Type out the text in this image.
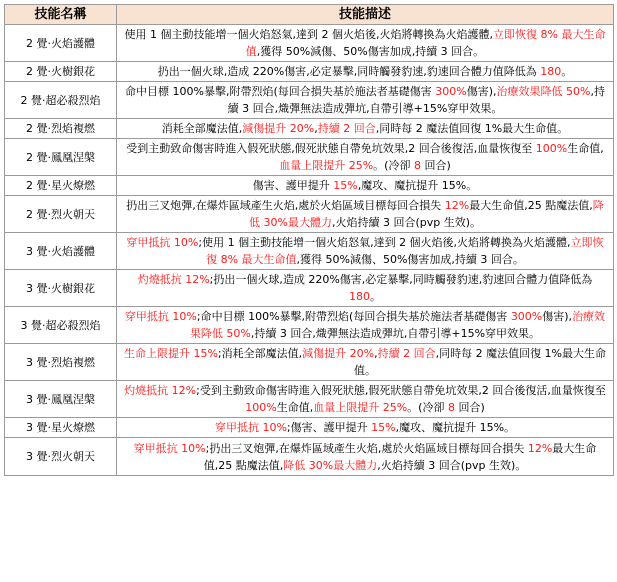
技能名稱	技能描述
2 覺‧火焰護體	使用 1 個主動技能增一個火焰怒氣,達到 2 個火焰後,火焰將轉換為火焰護體,立即恢復 8% 最大生命值,獲得 50%減傷、50%傷害加成,持續 3 回合。
2 覺‧火樹銀花	扔出一個火球,造成 220%傷害,必定暴擊,同時觸發豹速,豹速回合體力值降低為 180。
2 覺‧超必殺烈焰	命中目標 100%暴擊,附帶烈焰(每回合損失基於施法者基礎傷害 300%傷害),治療效果降低 50%,持續 3 回合,熾彈無法造成彈坑,自帶引導+15%穿甲效果。
2 覺‧烈焰複燃	消耗全部魔法值,減傷提升 20%,持續 2 回合,同時每 2 魔法值回復 1%最大生命值。
2 覺‧鳳凰涅槃	受到主動致命傷害時進入假死狀態,假死狀態自帶免坑效果,2 回合後復活,血量恢復至 100%生命值,血量上限提升 25%。(冷卻 8 回合)
2 覺‧星火燎燃	傷害、護甲提升 15%,魔攻、魔抗提升 15%。
2 覺‧烈火朝天	扔出三叉炮彈,在爆炸區域產生火焰,處於火焰區域目標每回合損失 12%最大生命值,25 點魔法值,降低 30%最大體力,火焰持續 3 回合(pvp 生效)。
3 覺‧火焰護體	穿甲抵抗 10%;使用 1 個主動技能增一個火焰怒氣,達到 2 個火焰後,火焰將轉換為火焰護體,立即恢復 8% 最大生命值,獲得 50%減傷、50%傷害加成,持續 3 回合。
3 覺‧火樹銀花	灼燒抵抗 12%;扔出一個火球,造成 220%傷害,必定暴擊,同時觸發豹速,豹速回合體力值降低為 180。
3 覺‧超必殺烈焰	穿甲抵抗 10%;命中目標 100%暴擊,附帶烈焰(每回合損失基於施法者基礎傷害 300%傷害),治療效果降低 50%,持續 3 回合,熾彈無法造成彈坑,自帶引導+15%穿甲效果。
3 覺‧烈焰複燃	生命上限提升 15%;消耗全部魔法值,減傷提升 20%,持續 2 回合,同時每 2 魔法值回復 1%最大生命值。
3 覺‧鳳凰涅槃	灼燒抵抗 12%;受到主動致命傷害時進入假死狀態,假死狀態自帶免坑效果,2 回合後復活,血量恢復至 100%生命值,血量上限提升 25%。(冷卻 8 回合)
3 覺‧星火燎燃	穿甲抵抗 10%;傷害、護甲提升 15%,魔攻、魔抗提升 15%。
3 覺‧烈火朝天	穿甲抵抗 10%;扔出三叉炮彈,在爆炸區域產生火焰,處於火焰區域目標每回合損失 12%最大生命值,25 點魔法值,降低 30%最大體力,火焰持續 3 回合(pvp 生效)。
